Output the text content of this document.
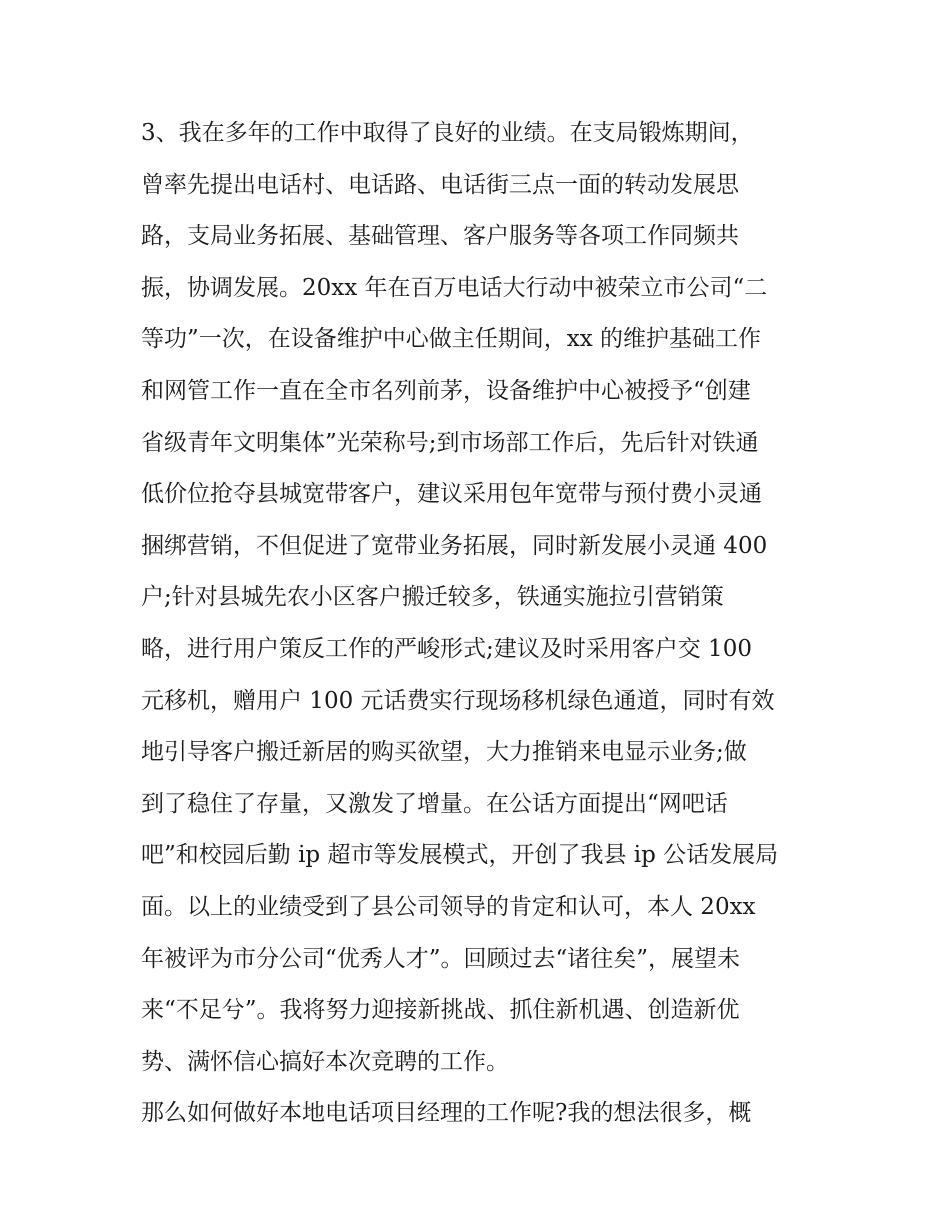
3、我在多年的工作中取得了良好的业绩。在支局锻炼期间，
曾率先提出电话村、电话路、电话街三点一面的转动发展思
路，支局业务拓展、基础管理、客户服务等各项工作同频共
振，协调发展。20xx 年在百万电话大行动中被荣立市公司“二
等功”一次，在设备维护中心做主任期间，xx 的维护基础工作
和网管工作一直在全市名列前茅，设备维护中心被授予“创建
省级青年文明集体”光荣称号;到市场部工作后，先后针对铁通
低价位抢夺县城宽带客户，建议采用包年宽带与预付费小灵通
捆绑营销，不但促进了宽带业务拓展，同时新发展小灵通 400
户;针对县城先农小区客户搬迁较多，铁通实施拉引营销策
略，进行用户策反工作的严峻形式;建议及时采用客户交 100
元移机，赠用户 100 元话费实行现场移机绿色通道，同时有效
地引导客户搬迁新居的购买欲望，大力推销来电显示业务;做
到了稳住了存量，又激发了增量。在公话方面提出“网吧话
吧”和校园后勤 ip 超市等发展模式，开创了我县 ip 公话发展局
面。以上的业绩受到了县公司领导的肯定和认可，本人 20xx
年被评为市分公司“优秀人才”。回顾过去“诸往矣”，展望未
来“不足兮”。我将努力迎接新挑战、抓住新机遇、创造新优
势、满怀信心搞好本次竞聘的工作。
那么如何做好本地电话项目经理的工作呢?我的想法很多，概
